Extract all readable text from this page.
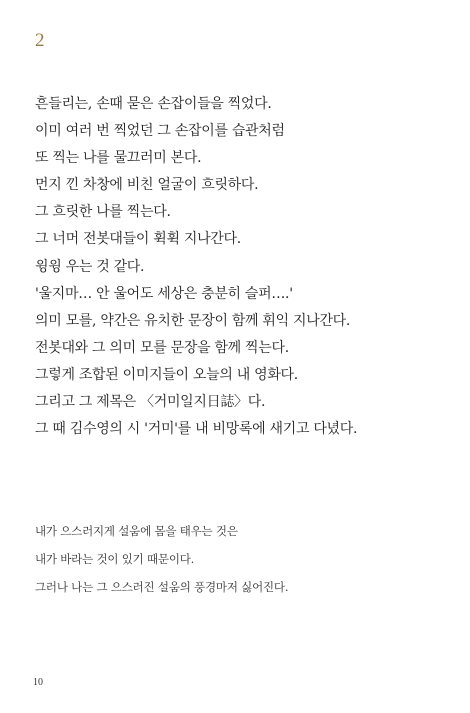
2
흔들리는, 손때 묻은 손잡이들을 찍었다.
이미 여러 번 찍었던 그 손잡이를 습관처럼
또 찍는 나를 물끄러미 본다.
먼지 낀 차창에 비친 얼굴이 흐릿하다.
그 흐릿한 나를 찍는다.
그 너머 전봇대들이 휙휙 지나간다.
윙윙 우는 것 같다.
'울지마… 안 울어도 세상은 충분히 슬퍼….'
의미 모를, 약간은 유치한 문장이 함께 휘익 지나간다.
전봇대와 그 의미 모를 문장을 함께 찍는다.
그렇게 조합된 이미지들이 오늘의 내 영화다.
그리고 그 제목은 〈거미일지日誌〉다.
그 때 김수영의 시 '거미'를 내 비망록에 새기고 다녔다.
내가 으스러지게 설움에 몸을 태우는 것은
내가 바라는 것이 있기 때문이다.
그러나 나는 그 으스러진 설움의 풍경마저 싫어진다.
10
